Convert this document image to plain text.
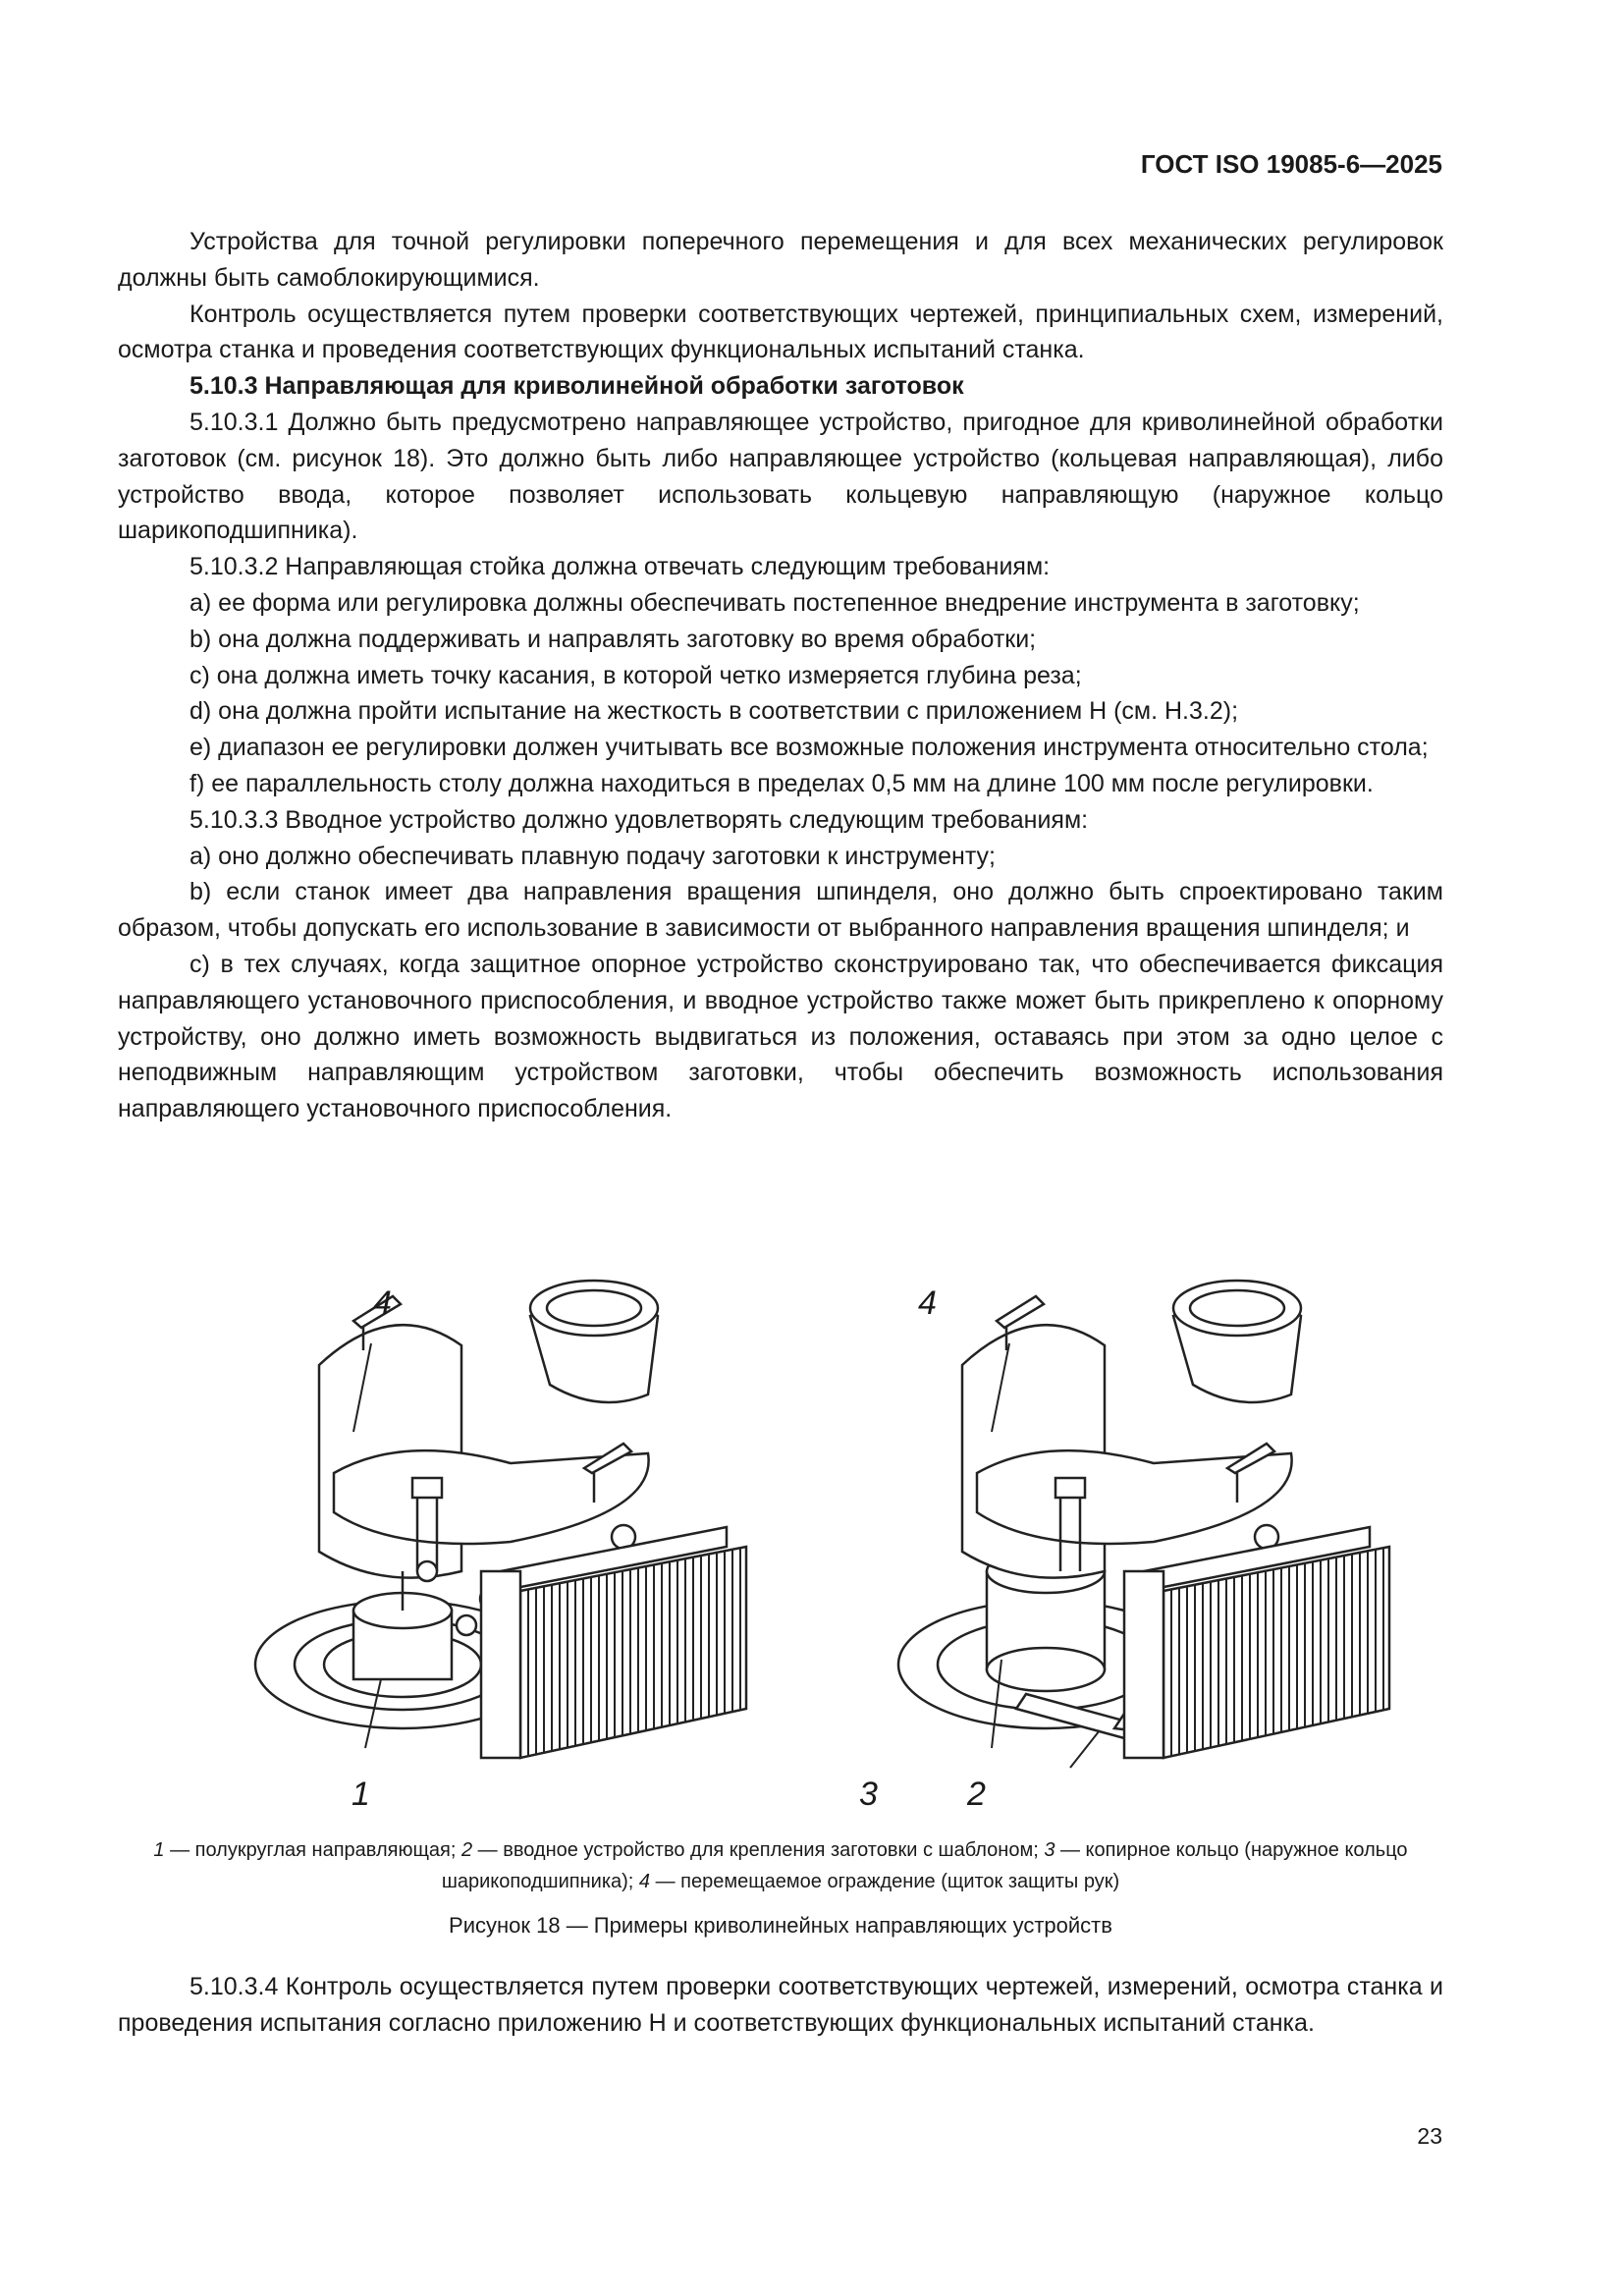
ГОСТ ISO 19085-6—2025

Устройства для точной регулировки поперечного перемещения и для всех механических регулировок должны быть самоблокирующимися.

Контроль осуществляется путем проверки соответствующих чертежей, принципиальных схем, измерений, осмотра станка и проведения соответствующих функциональных испытаний станка.

5.10.3 Направляющая для криволинейной обработки заготовок

5.10.3.1 Должно быть предусмотрено направляющее устройство, пригодное для криволинейной обработки заготовок (см. рисунок 18). Это должно быть либо направляющее устройство (кольцевая направляющая), либо устройство ввода, которое позволяет использовать кольцевую направляющую (наружное кольцо шарикоподшипника).

5.10.3.2 Направляющая стойка должна отвечать следующим требованиям:

a) ее форма или регулировка должны обеспечивать постепенное внедрение инструмента в заготовку;

b) она должна поддерживать и направлять заготовку во время обработки;

c) она должна иметь точку касания, в которой четко измеряется глубина реза;

d) она должна пройти испытание на жесткость в соответствии с приложением Н (см. Н.3.2);

e) диапазон ее регулировки должен учитывать все возможные положения инструмента относительно стола;

f) ее параллельность столу должна находиться в пределах 0,5 мм на длине 100 мм после регулировки.

5.10.3.3 Вводное устройство должно удовлетворять следующим требованиям:

a) оно должно обеспечивать плавную подачу заготовки к инструменту;

b) если станок имеет два направления вращения шпинделя, оно должно быть спроектировано таким образом, чтобы допускать его использование в зависимости от выбранного направления вращения шпинделя; и

c) в тех случаях, когда защитное опорное устройство сконструировано так, что обеспечивается фиксация направляющего установочного приспособления, и вводное устройство также может быть прикреплено к опорному устройству, оно должно иметь возможность выдвигаться из положения, оставаясь при этом за одно целое с неподвижным направляющим устройством заготовки, чтобы обеспечить возможность использования направляющего установочного приспособления.

4
1
4
3	2
1 — полукруглая направляющая; 2 — вводное устройство для крепления заготовки с шаблоном; 3 — копирное кольцо (наружное кольцо шарикоподшипника); 4 — перемещаемое ограждение (щиток защиты рук)
Рисунок 18 — Примеры криволинейных направляющих устройств

5.10.3.4 Контроль осуществляется путем проверки соответствующих чертежей, измерений, осмотра станка и проведения испытания согласно приложению Н и соответствующих функциональных испытаний станка.

23
